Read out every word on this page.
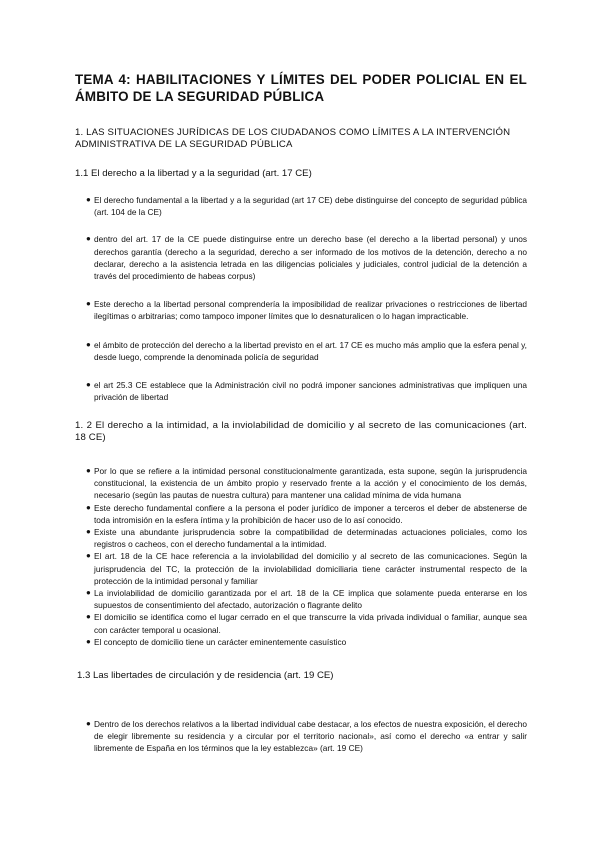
TEMA 4: HABILITACIONES Y LÍMITES DEL PODER POLICIAL EN EL ÁMBITO DE LA SEGURIDAD PÚBLICA
1. LAS SITUACIONES JURÍDICAS DE LOS CIUDADANOS COMO LÍMITES A LA INTERVENCIÓN ADMINISTRATIVA DE LA SEGURIDAD PÚBLICA
1.1 El derecho a la libertad y a la seguridad (art. 17 CE)
● El derecho fundamental a la libertad y a la seguridad (art 17 CE) debe distinguirse del concepto de seguridad pública (art. 104 de la CE)
● dentro del art. 17 de la CE puede distinguirse entre un derecho base (el derecho a la libertad personal) y unos derechos garantía (derecho a la seguridad, derecho a ser informado de los motivos de la detención, derecho a no declarar, derecho a la asistencia letrada en las diligencias policiales y judiciales, control judicial de la detención a través del procedimiento de habeas corpus)
● Este derecho a la libertad personal comprendería la imposibilidad de realizar privaciones o restricciones de libertad ilegítimas o arbitrarias; como tampoco imponer límites que lo desnaturalicen o lo hagan impracticable.
● el ámbito de protección del derecho a la libertad previsto en el art. 17 CE es mucho más amplio que la esfera penal y, desde luego, comprende la denominada policía de seguridad
● el art 25.3 CE establece que la Administración civil no podrá imponer sanciones administrativas que impliquen una privación de libertad
1. 2 El derecho a la intimidad, a la inviolabilidad de domicilio y al secreto de las comunicaciones (art. 18 CE)
● Por lo que se refiere a la intimidad personal constitucionalmente garantizada, esta supone, según la jurisprudencia constitucional, la existencia de un ámbito propio y reservado frente a la acción y el conocimiento de los demás, necesario (según las pautas de nuestra cultura) para mantener una calidad mínima de vida humana
● Este derecho fundamental confiere a la persona el poder jurídico de imponer a terceros el deber de abstenerse de toda intromisión en la esfera íntima y la prohibición de hacer uso de lo así conocido.
● Existe una abundante jurisprudencia sobre la compatibilidad de determinadas actuaciones policiales, como los registros o cacheos, con el derecho fundamental a la intimidad.
● El art. 18 de la CE hace referencia a la inviolabilidad del domicilio y al secreto de las comunicaciones. Según la jurisprudencia del TC, la protección de la inviolabilidad domiciliaria tiene carácter instrumental respecto de la protección de la intimidad personal y familiar
● La inviolabilidad de domicilio garantizada por el art. 18 de la CE implica que solamente pueda enterarse en los supuestos de consentimiento del afectado, autorización o flagrante delito
● El domicilio se identifica como el lugar cerrado en el que transcurre la vida privada individual o familiar, aunque sea con carácter temporal u ocasional.
● El concepto de domicilio tiene un carácter eminentemente casuístico
1.3 Las libertades de circulación y de residencia (art. 19 CE)
● Dentro de los derechos relativos a la libertad individual cabe destacar, a los efectos de nuestra exposición, el derecho de elegir libremente su residencia y a circular por el territorio nacional», así como el derecho «a entrar y salir libremente de España en los términos que la ley establezca» (art. 19 CE)
